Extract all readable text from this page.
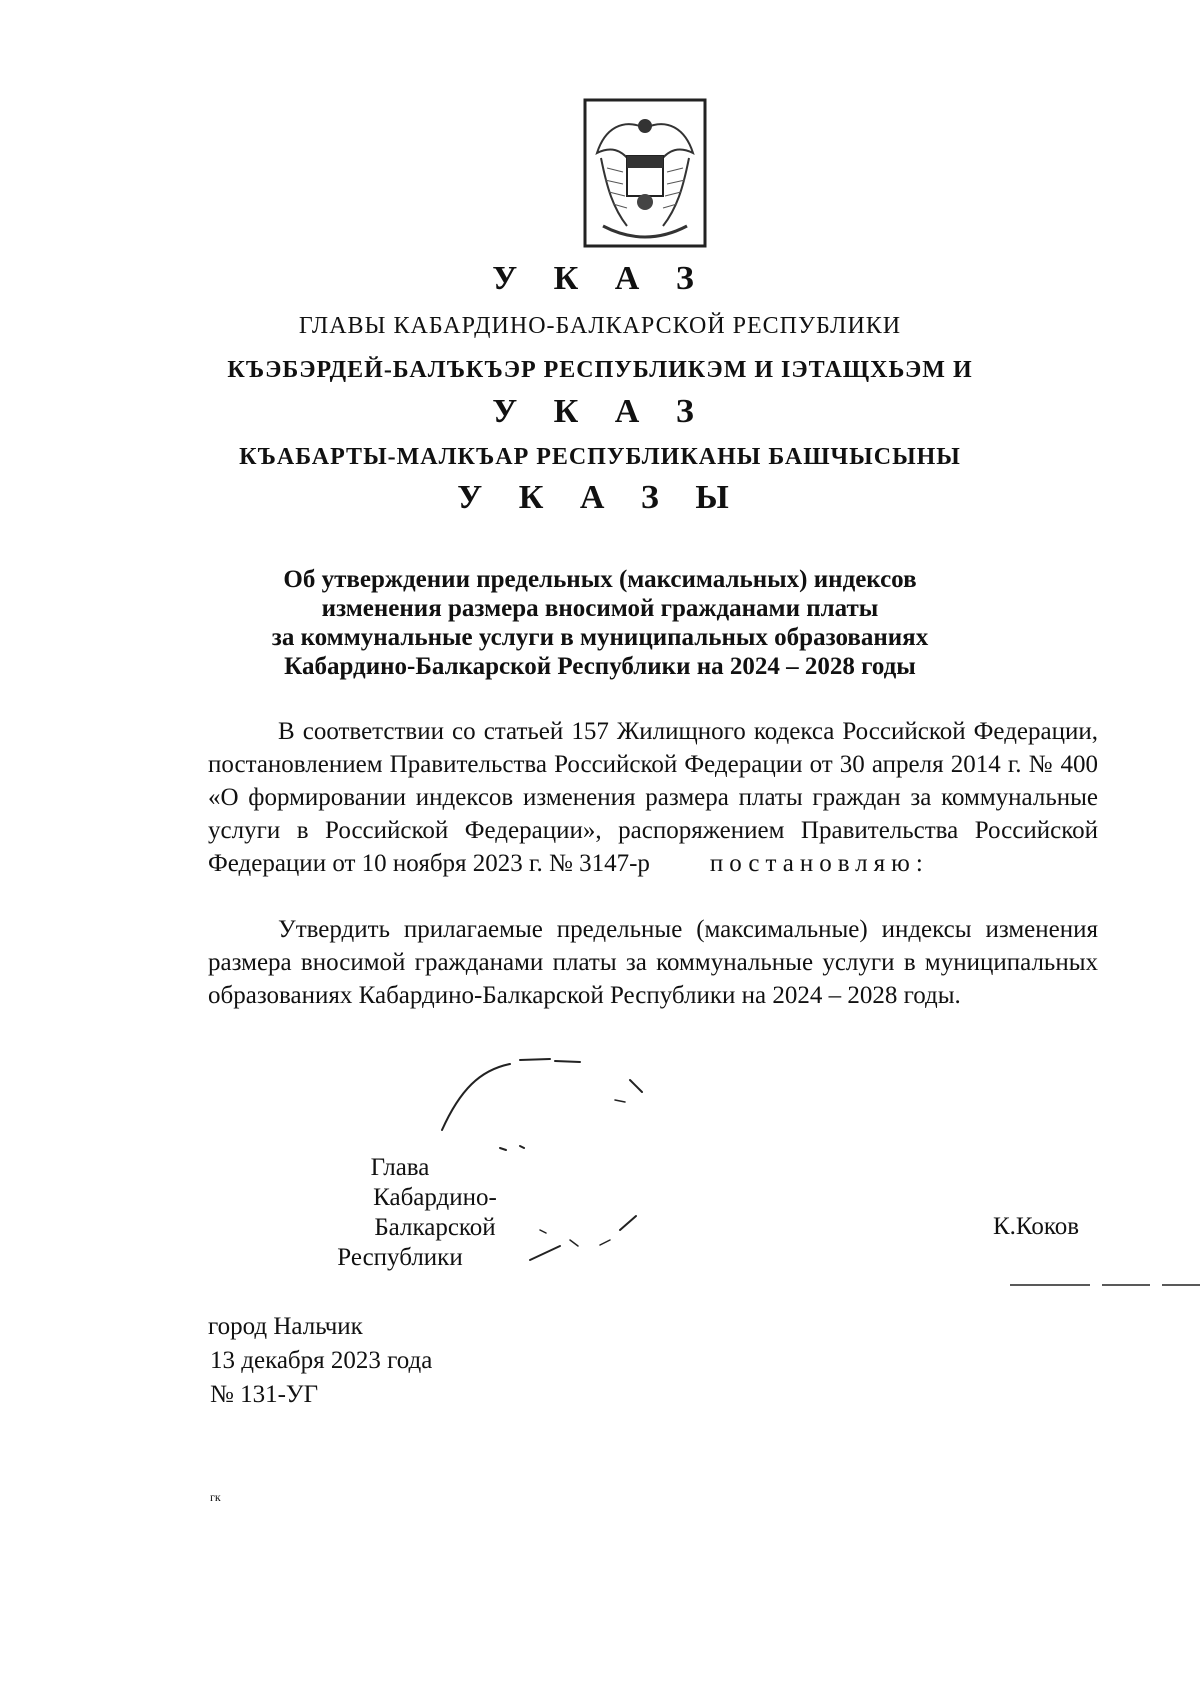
У К А З
ГЛАВЫ КАБАРДИНО-БАЛКАРСКОЙ РЕСПУБЛИКИ
КЪЭБЭРДЕЙ-БАЛЪКЪЭР РЕСПУБЛИКЭМ И ІЭТАЩХЬЭМ И
У К А З
КЪАБАРТЫ-МАЛКЪАР РЕСПУБЛИКАНЫ БАШЧЫСЫНЫ
У К А З Ы
Об утверждении предельных (максимальных) индексов
изменения размера вносимой гражданами платы
за коммунальные услуги в муниципальных образованиях
Кабардино-Балкарской Республики на 2024 – 2028 годы
В соответствии со статьей 157 Жилищного кодекса Российской Федерации, постановлением Правительства Российской Федерации от 30 апреля 2014 г. № 400 «О формировании индексов изменения размера платы граждан за коммунальные услуги в Российской Федерации», распоряжением Правительства Российской Федерации от 10 ноября 2023 г. № 3147-р постановляю:
Утвердить прилагаемые предельные (максимальные) индексы изменения размера вносимой гражданами платы за коммунальные услуги в муниципальных образованиях Кабардино-Балкарской Республики на 2024 – 2028 годы.
Глава
Кабардино-Балкарской
Республики
К.Коков
город Нальчик
13 декабря 2023 года
№ 131-УГ
гк
